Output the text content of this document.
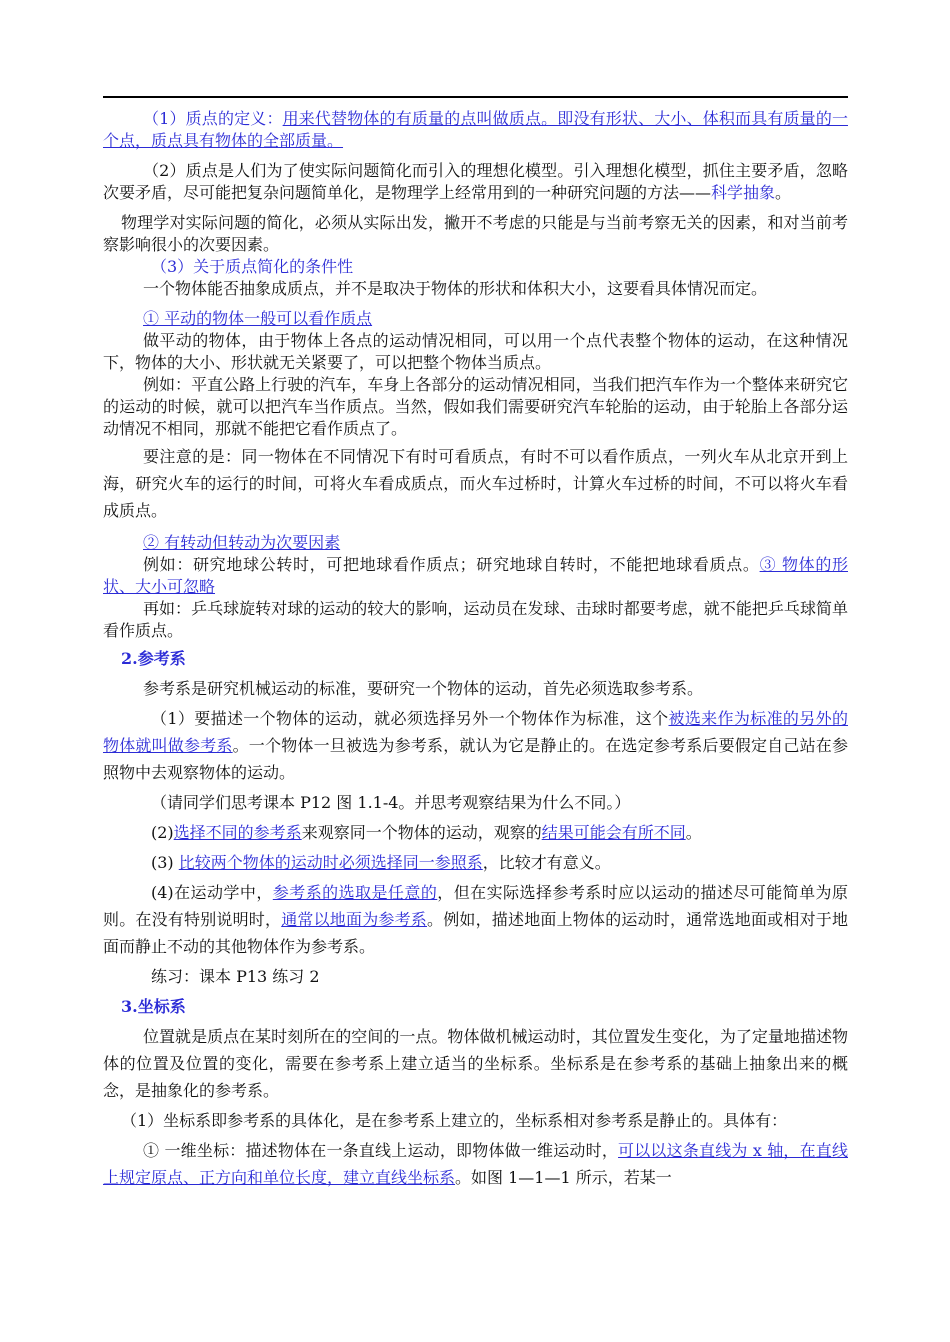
（1）质点的定义：用来代替物体的有质量的点叫做质点。即没有形状、大小、体积而具有质量的一个点，质点具有物体的全部质量。

（2）质点是人们为了使实际问题简化而引入的理想化模型。引入理想化模型，抓住主要矛盾，忽略次要矛盾，尽可能把复杂问题简单化，是物理学上经常用到的一种研究问题的方法——科学抽象。

物理学对实际问题的简化，必须从实际出发，撇开不考虑的只能是与当前考察无关的因素，和对当前考察影响很小的次要因素。

（3）关于质点简化的条件性

一个物体能否抽象成质点，并不是取决于物体的形状和体积大小，这要看具体情况而定。

① 平动的物体一般可以看作质点

做平动的物体，由于物体上各点的运动情况相同，可以用一个点代表整个物体的运动，在这种情况下，物体的大小、形状就无关紧要了，可以把整个物体当质点。

例如：平直公路上行驶的汽车，车身上各部分的运动情况相同，当我们把汽车作为一个整体来研究它的运动的时候，就可以把汽车当作质点。当然，假如我们需要研究汽车轮胎的运动，由于轮胎上各部分运动情况不相同，那就不能把它看作质点了。

要注意的是：同一物体在不同情况下有时可看质点，有时不可以看作质点，一列火车从北京开到上海，研究火车的运行的时间，可将火车看成质点，而火车过桥时，计算火车过桥的时间，不可以将火车看成质点。

② 有转动但转动为次要因素

例如：研究地球公转时，可把地球看作质点；研究地球自转时，不能把地球看质点。③ 物体的形状、大小可忽略

再如：乒乓球旋转对球的运动的较大的影响，运动员在发球、击球时都要考虑，就不能把乒乓球简单看作质点。

2.参考系

参考系是研究机械运动的标准，要研究一个物体的运动，首先必须选取参考系。

（1）要描述一个物体的运动，就必须选择另外一个物体作为标准，这个被选来作为标准的另外的物体就叫做参考系。一个物体一旦被选为参考系，就认为它是静止的。在选定参考系后要假定自己站在参照物中去观察物体的运动。

（请同学们思考课本 P12 图 1.1-4。并思考观察结果为什么不同。）

(2)选择不同的参考系来观察同一个物体的运动，观察的结果可能会有所不同。

(3) 比较两个物体的运动时必须选择同一参照系，比较才有意义。

(4)在运动学中，参考系的选取是任意的，但在实际选择参考系时应以运动的描述尽可能简单为原则。在没有特别说明时，通常以地面为参考系。例如，描述地面上物体的运动时，通常选地面或相对于地面而静止不动的其他物体作为参考系。

练习：课本 P13 练习 2

3.坐标系

位置就是质点在某时刻所在的空间的一点。物体做机械运动时，其位置发生变化，为了定量地描述物体的位置及位置的变化，需要在参考系上建立适当的坐标系。坐标系是在参考系的基础上抽象出来的概念，是抽象化的参考系。

（1）坐标系即参考系的具体化，是在参考系上建立的，坐标系相对参考系是静止的。具体有：

① 一维坐标：描述物体在一条直线上运动，即物体做一维运动时，可以以这条直线为 x 轴，在直线上规定原点、正方向和单位长度，建立直线坐标系。如图 1—1—1 所示，若某一
